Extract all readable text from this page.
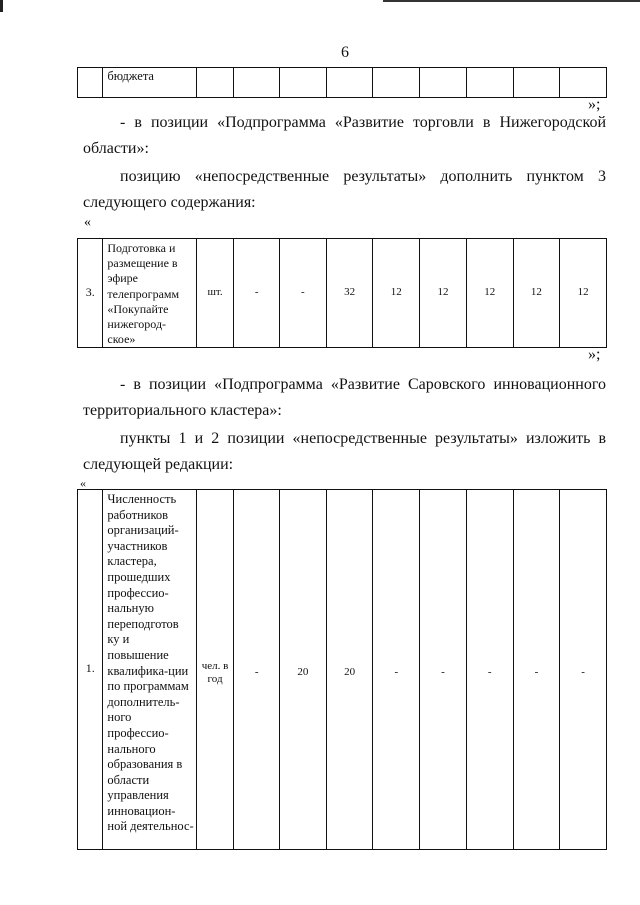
6
	бюджета									
»;
- в позиции «Подпрограмма «Развитие торговли в Нижегородской
области»:
позицию «непосредственные результаты» дополнить пунктом 3
следующего содержания:
«
3.	Подготовка и размещение в эфире телепрограмм «Покупайте нижегород-ское»	шт.	-	-	32	12	12	12	12	12
»;
- в позиции «Подпрограмма «Развитие Саровского инновационного
территориального кластера»:
пункты 1 и 2 позиции «непосредственные результаты» изложить в
следующей редакции:
«
1.	Численность работников организаций-участников кластера, прошедших профессио-нальную переподготов ку и повышение квалифика-ции по программам дополнитель-ного профессио-нального образования в области управления инновацион-ной деятельнос-	чел. в год	-	20	20	-	-	-	-	-
